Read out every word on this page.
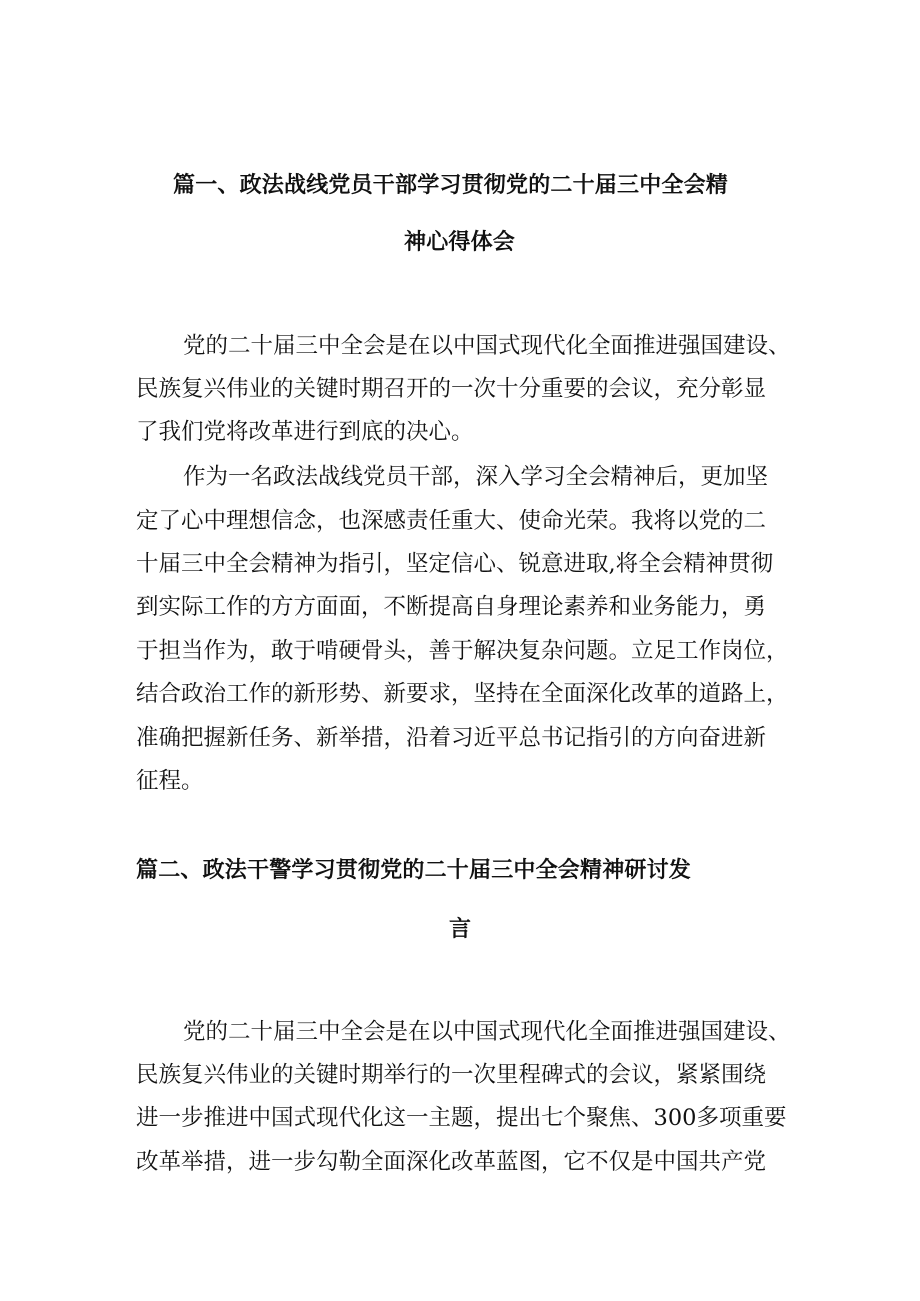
篇一、政法战线党员干部学习贯彻党的二十届三中全会精
神心得体会

党的二十届三中全会是在以中国式现代化全面推进强国建设、

民族复兴伟业的关键时期召开的一次十分重要的会议，充分彰显

了我们党将改革进行到底的决心。

作为一名政法战线党员干部，深入学习全会精神后，更加坚

定了心中理想信念，也深感责任重大、使命光荣。我将以党的二

十届三中全会精神为指引，坚定信心、锐意进取,将全会精神贯彻

到实际工作的方方面面，不断提高自身理论素养和业务能力，勇

于担当作为，敢于啃硬骨头，善于解决复杂问题。立足工作岗位，

结合政治工作的新形势、新要求，坚持在全面深化改革的道路上，

准确把握新任务、新举措，沿着习近平总书记指引的方向奋进新

征程。

篇二、政法干警学习贯彻党的二十届三中全会精神研讨发
言

党的二十届三中全会是在以中国式现代化全面推进强国建设、

民族复兴伟业的关键时期举行的一次里程碑式的会议，紧紧围绕

进一步推进中国式现代化这一主题，提出七个聚焦、300多项重要

改革举措，进一步勾勒全面深化改革蓝图，它不仅是中国共产党
